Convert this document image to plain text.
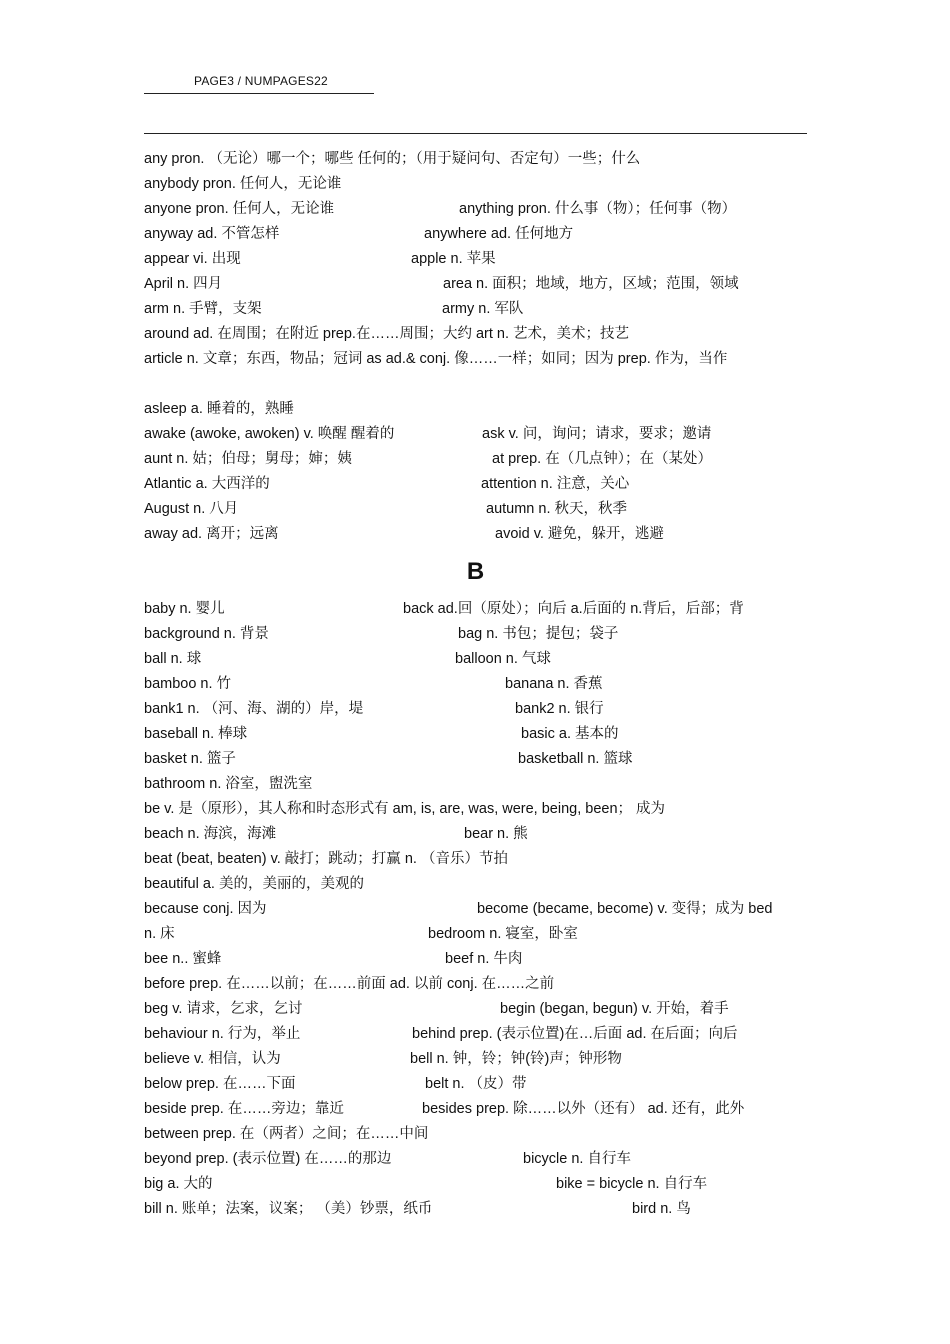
PAGE3 / NUMPAGES22
any pron. （无论）哪一个；哪些 任何的；（用于疑问句、否定句）一些；什么
anybody pron. 任何人，无论谁
anyone pron. 任何人，无论谁	anything pron. 什么事（物）；任何事（物）
anyway ad. 不管怎样	anywhere ad. 任何地方
appear vi. 出现	apple n. 苹果
April n. 四月	area n. 面积；地域，地方，区域；范围，领域
arm n. 手臂，支架	army n. 军队
around ad. 在周围；在附近 prep.在……周围；大约 art n. 艺术，美术；技艺
article n. 文章；东西，物品；冠词 as ad.& conj. 像……一样；如同；因为 prep. 作为，当作
asleep a. 睡着的，熟睡
awake (awoke, awoken) v. 唤醒 醒着的	ask v. 问，询问；请求，要求；邀请
aunt n. 姑；伯母；舅母；婶；姨	at prep. 在（几点钟）；在（某处）
Atlantic a. 大西洋的	attention n. 注意，关心
August n. 八月	autumn n. 秋天，秋季
away ad. 离开；远离	avoid v. 避免，躲开，逃避
B
baby n. 婴儿	back ad.回（原处）；向后 a.后面的 n.背后，后部；背
background n. 背景	bag n. 书包；提包；袋子
ball n. 球	balloon n. 气球
bamboo n. 竹	banana n. 香蕉
bank1 n. （河、海、湖的）岸，堤	bank2 n. 银行
baseball n. 棒球	basic a. 基本的
basket n. 篮子	basketball n. 篮球
bathroom n. 浴室，盥洗室
be v. 是（原形），其人称和时态形式有 am, is, are, was, were, being, been； 成为
beach n. 海滨，海滩	bear n. 熊
beat (beat, beaten) v. 敲打；跳动；打赢 n. （音乐）节拍
beautiful a. 美的，美丽的，美观的
because conj. 因为	become (became, become) v. 变得；成为 bed
n. 床	bedroom n. 寝室，卧室
bee n.. 蜜蜂	beef n. 牛肉
before prep. 在……以前；在……前面 ad. 以前 conj. 在……之前
beg v. 请求，乞求，乞讨	begin (began, begun) v. 开始，着手
behaviour n. 行为，举止	behind prep. (表示位置)在…后面 ad. 在后面；向后
believe v. 相信，认为	bell n. 钟，铃；钟(铃)声；钟形物
below prep. 在……下面	belt n. （皮）带
beside prep. 在……旁边；靠近	besides prep. 除……以外（还有） ad. 还有，此外
between prep. 在（两者）之间；在……中间
beyond prep. (表示位置) 在……的那边	bicycle n. 自行车
big a. 大的	bike = bicycle n. 自行车
bill n. 账单；法案，议案； （美）钞票，纸币	bird n. 鸟
